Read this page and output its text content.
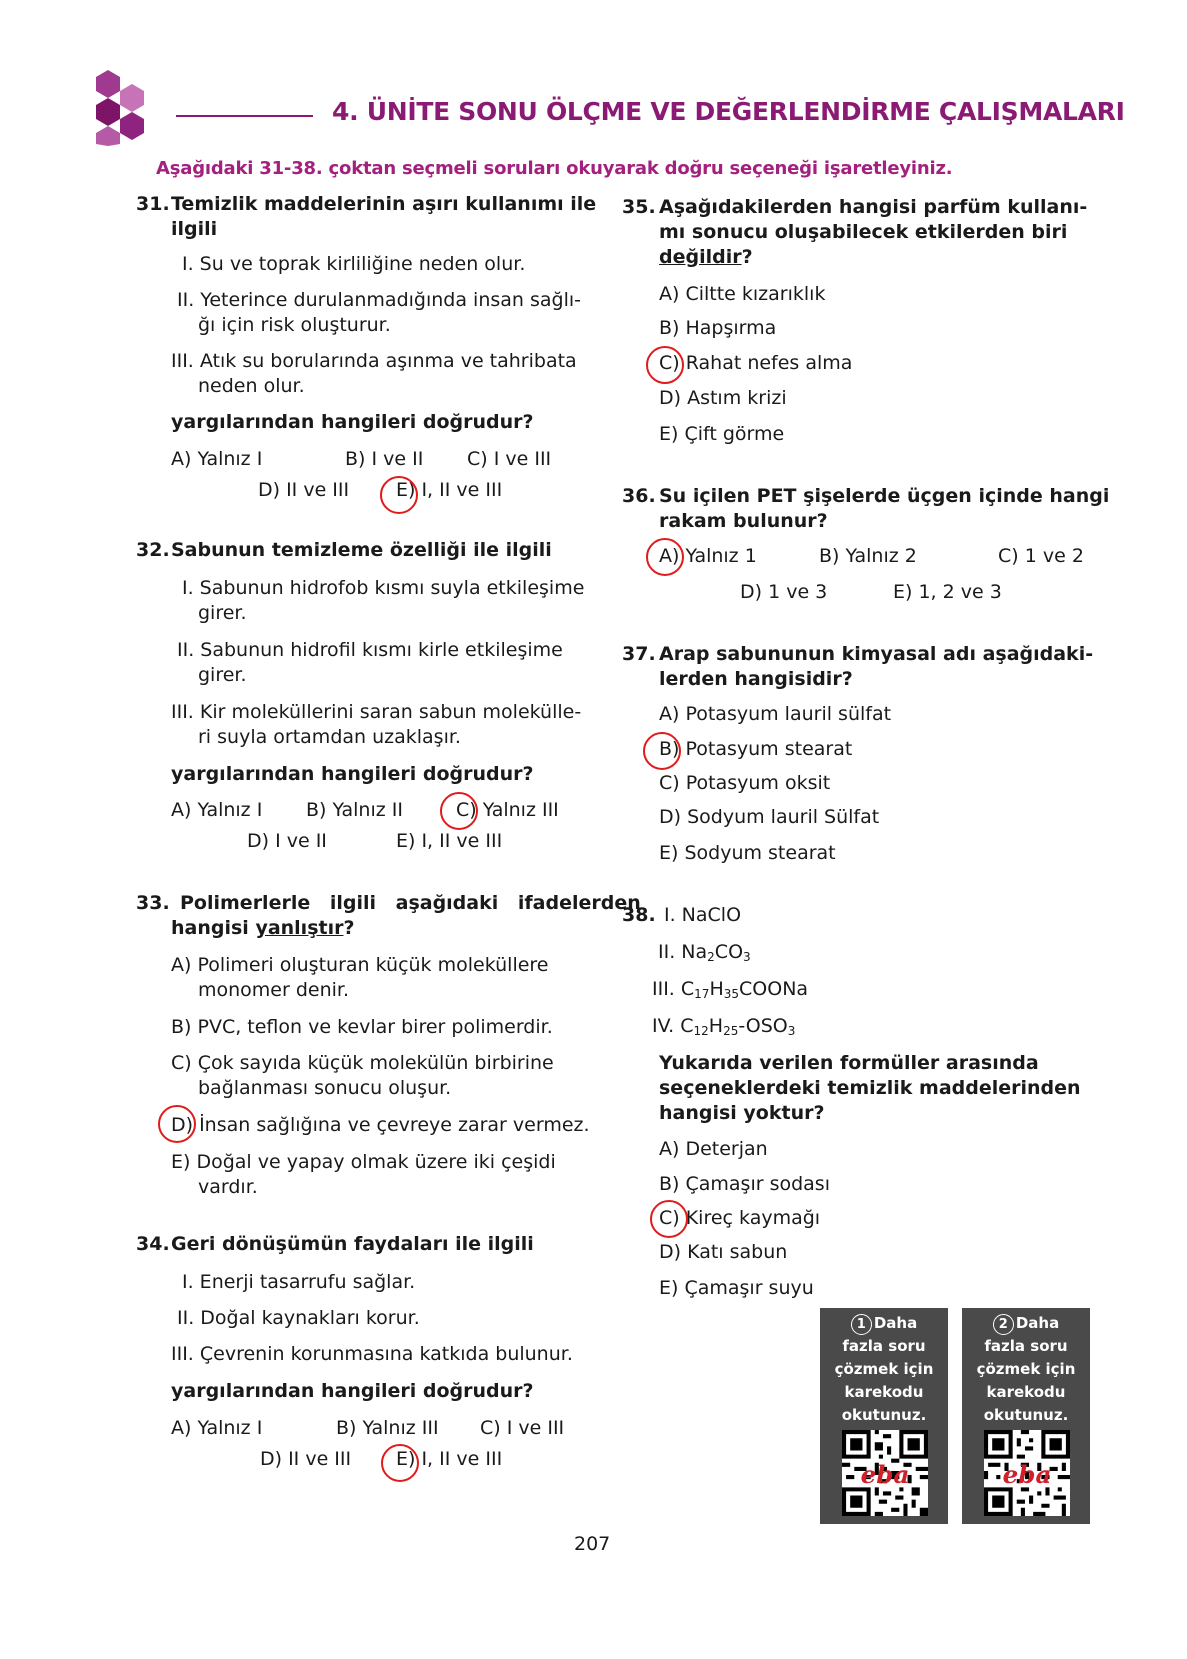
4. ÜNİTE SONU ÖLÇME VE DEĞERLENDİRME ÇALIŞMALARI
Aşağıdaki 31-38. çoktan seçmeli soruları okuyarak doğru seçeneği işaretleyiniz.
31. Temizlik maddelerinin aşırı kullanımı ile
ilgili
I. Su ve toprak kirliliğine neden olur.
II. Yeterince durulanmadığında insan sağlı-
ğı için risk oluşturur.
III. Atık su borularında aşınma ve tahribata
neden olur.
yargılarından hangileri doğrudur?
A) Yalnız I	B) I ve II C) I ve III
D) II ve III E) I, II ve III
32. Sabunun temizleme özelliği ile ilgili
I. Sabunun hidrofob kısmı suyla etkileşime
girer.
II. Sabunun hidrofil kısmı kirle etkileşime
girer.
III. Kir moleküllerini saran sabun molekülle-
ri suyla ortamdan uzaklaşır.
yargılarından hangileri doğrudur?
A) Yalnız I B) Yalnız II	C) Yalnız III
D) I ve II	E) I, II ve III
33. Polimerlerle ilgili aşağıdaki ifadelerden
hangisi yanlıştır?
A) Polimeri oluşturan küçük moleküllere
monomer denir.
B) PVC, teflon ve kevlar birer polimerdir.
C) Çok sayıda küçük molekülün birbirine
bağlanması sonucu oluşur.
D) İnsan sağlığına ve çevreye zarar vermez.
E) Doğal ve yapay olmak üzere iki çeşidi
vardır.
34. Geri dönüşümün faydaları ile ilgili
I. Enerji tasarrufu sağlar.
II. Doğal kaynakları korur.
III. Çevrenin korunmasına katkıda bulunur.
yargılarından hangileri doğrudur?
A) Yalnız I	B) Yalnız III C) I ve III
D) II ve III E) I, II ve III
35. Aşağıdakilerden hangisi parfüm kullanı-
mı sonucu oluşabilecek etkilerden biri
değildir?
A) Ciltte kızarıklık
B) Hapşırma
C) Rahat nefes alma
D) Astım krizi
E) Çift görme
36. Su içilen PET şişelerde üçgen içinde hangi
rakam bulunur?
A) Yalnız 1	B) Yalnız 2	C) 1 ve 2
D) 1 ve 3	E) 1, 2 ve 3
37. Arap sabununun kimyasal adı aşağıdaki-
lerden hangisidir?
A) Potasyum lauril sülfat
B) Potasyum stearat
C) Potasyum oksit
D) Sodyum lauril Sülfat
E) Sodyum stearat
38. I. NaClO
II. $Na_2CO_3$
III. $C_{17}H_{35}COONa$
IV. $C_{12}H_{25}-OSO_3$
Yukarıda verilen formüller arasında
seçeneklerdeki temizlik maddelerinden
hangisi yoktur?
A) Deterjan
B) Çamaşır sodası
C) Kireç kaymağı
D) Katı sabun
E) Çamaşır suyu
1 Daha
fazla soru
çözmek için
karekodu
okutunuz.
eba
2 Daha
fazla soru
çözmek için
karekodu
okutunuz.
eba
207
